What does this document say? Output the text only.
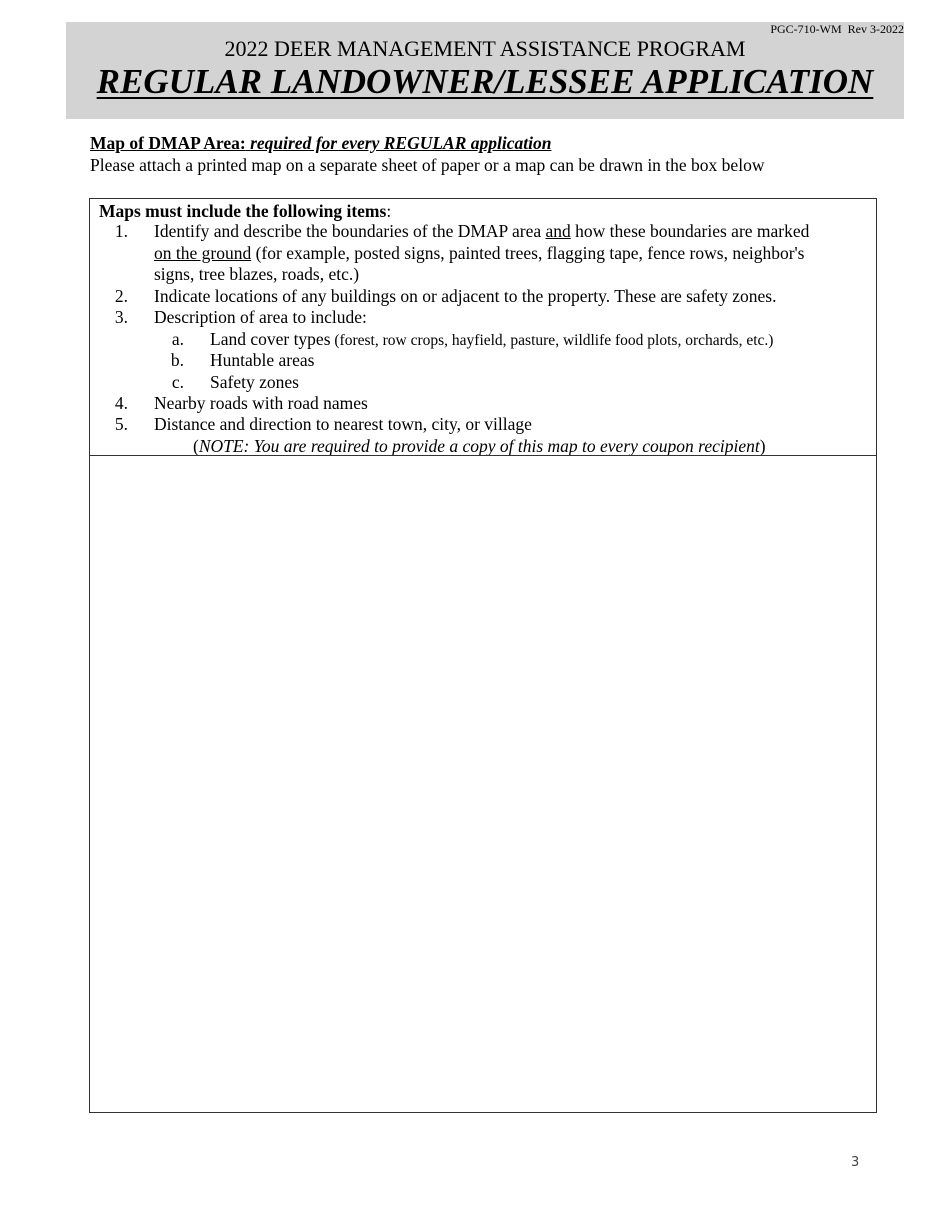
PGC-710-WM  Rev 3-2022
2022 DEER MANAGEMENT ASSISTANCE PROGRAM
REGULAR LANDOWNER/LESSEE APPLICATION
Map of DMAP Area: required for every REGULAR application
Please attach a printed map on a separate sheet of paper or a map can be drawn in the box below
Maps must include the following items:
1. Identify and describe the boundaries of the DMAP area and how these boundaries are marked
on the ground (for example, posted signs, painted trees, flagging tape, fence rows, neighbor's
signs, tree blazes, roads, etc.)
2. Indicate locations of any buildings on or adjacent to the property. These are safety zones.
3. Description of area to include:
a. Land cover types (forest, row crops, hayfield, pasture, wildlife food plots, orchards, etc.)
b. Huntable areas
c. Safety zones
4. Nearby roads with road names
5. Distance and direction to nearest town, city, or village
(NOTE: You are required to provide a copy of this map to every coupon recipient)
3
